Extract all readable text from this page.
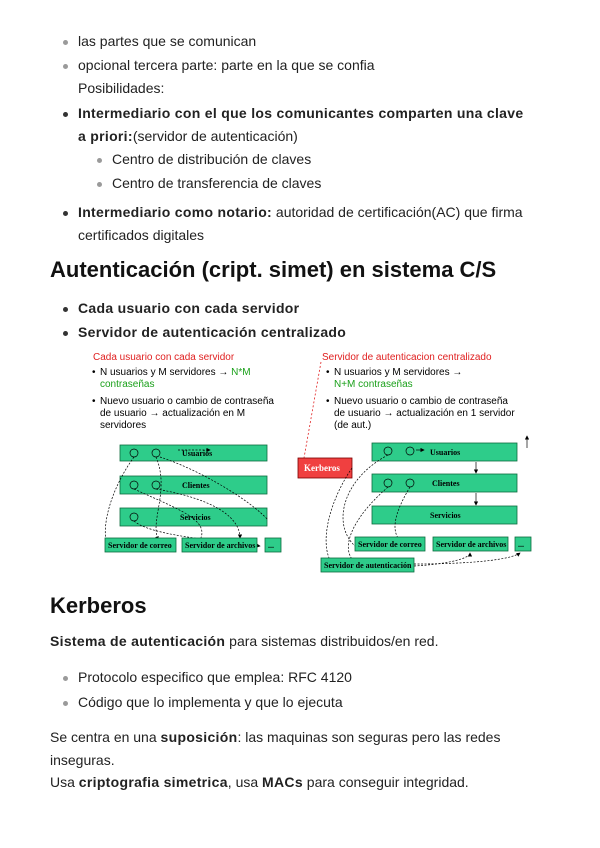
las partes que se comunican
opcional tercera parte: parte en la que se confia
Posibilidades:
Intermediario con el que los comunicantes comparten una clave
a priori:(servidor de autenticación)
Centro de distribución de claves
Centro de transferencia de claves
Intermediario como notario: autoridad de certificación(AC) que firma
certificados digitales
Autenticación (cript. simet) en sistema C/S
Cada usuario con cada servidor
Servidor de autenticación centralizado
Cada usuario con cada servidor
• N usuarios y M servidores → N*M
contraseñas
• Nuevo usuario o cambio de contraseña
de usuario → actualización en M
servidores
Usuarios
Clientes
Servicios
Servidor de correo Servidor de archivos ...
Servidor de autenticacion centralizado
• N usuarios y M servidores →
N+M contraseñas
• Nuevo usuario o cambio de contraseña
de usuario → actualización en 1 servidor
(de aut.)
Kerberos
Usuarios
Clientes
Servicios
Servidor de correo Servidor de archivos ...
Servidor de autenticación
Kerberos
Sistema de autenticación para sistemas distribuidos/en red.
Protocolo especifico que emplea: RFC 4120
Código que lo implementa y que lo ejecuta
Se centra en una suposición: las maquinas son seguras pero las redes
inseguras.
Usa criptografia simetrica, usa MACs para conseguir integridad.
